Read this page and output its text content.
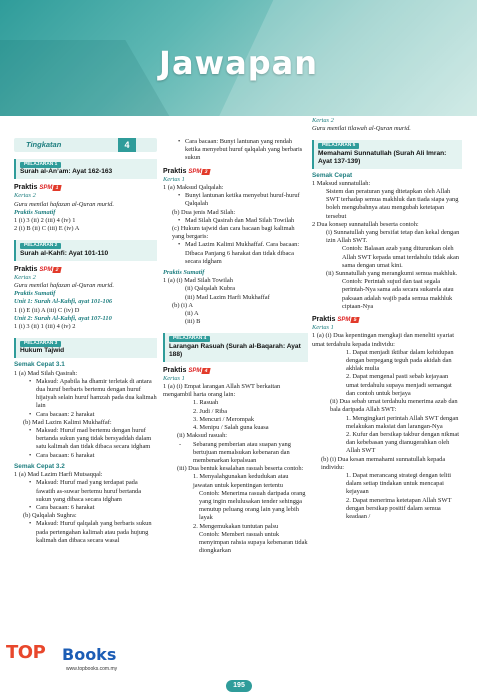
Jawapan
Tingkatan	4
PELAJARAN 1
Surah al-An’am: Ayat 162-163
Praktis SPM 1
Kertas 2
Guru menilai hafazan al-Quran murid.
Praktis Sumatif
1 (i) 3 (ii) 2 (iii) 4 (iv) 1
2 (i) B (ii) C (iii) E (iv) A
PELAJARAN 2
Surah al-Kahfi: Ayat 101-110
Praktis SPM 2
Kertas 2
Guru menilai hafazan al-Quran murid.
Praktis Sumatif
Unit 1: Surah Al-Kahfi, ayat 101-106
1 (i) E (ii) A (iii) C (iv) D
Unit 2: Surah Al-Kahfi, ayat 107-110
1 (i) 3 (ii) 1 (iii) 4 (iv) 2
PELAJARAN 3
Hukum Tajwid
Semak Cepat 3.1
1 (a) Mad Silah Qasirah:
• Maksud: Apabila ha dhamir terletak di antara dua huruf berbaris bertemu dengan huruf hijaiyah selain huruf hamzah pada dua kalimah lain
• Cara bacaan: 2 harakat
(b) Mad Lazim Kalimi Mukhaffaf:
• Maksud: Huruf mad bertemu dengan huruf bertanda sukun yang tidak bersyaddah dalam satu kalimah dan tidak dibaca secara idgham
• Cara bacaan: 6 harakat
Semak Cepat 3.2
1 (a) Mad Lazim Harfi Mutsaqqal:
• Maksud: Huruf mad yang terdapat pada fawatih as-suwar bertemu huruf bertanda sukun yang dibaca secara idgham
• Cara bacaan: 6 harakat
(b) Qalqalah Sughra:
• Maksud: Huruf qalqalah yang berbaris sukun pada pertengahan kalimah atau pada hujung kalimah dan dibaca secara wasal
• Cara bacaan: Bunyi lantunan yang rendah ketika menyebut huruf qalqalah yang berbaris sukun
Praktis SPM 3
Kertas 1
1 (a) Maksud Qalqalah:
• Bunyi lantunan ketika menyebut huruf-huruf Qalqalah
(b) Dua jenis Mad Silah:
• Mad Silah Qasirah dan Mad Silah Towilah
(c) Hukum tajwid dan cara bacaan bagi kalimah yang bergaris:
• Mad Lazim Kalimi Mukhaffaf. Cara bacaan: Dibaca Panjang 6 harakat dan tidak dibaca secara idgham
Praktis Sumatif
1 (a) (i) Mad Silah Towilah
(ii) Qalqalah Kubra
(iii) Mad Lazim Harfi Mukhaffaf
(b) (i) A
(ii) A
(iii) B
PELAJARAN 4
Larangan Rasuah (Surah al-Baqarah: Ayat 188)
Praktis SPM 4
Kertas 1
1 (a) (i) Empat larangan Allah SWT berkaitan mengambil harta orang lain:
1. Rasuah
2. Judi / Riba
3. Mencuri / Merompak
4. Menipu / Salah guna kuasa
(ii) Maksud rasuah:
- Sebarang pemberian atau suapan yang bertujuan memalsukan kebenaran dan membenarkan kepalsuan
(iii) Dua bentuk kesalahan rasuah beserta contoh:
1. Menyalahgunakan kedudukan atau jawatan untuk kepentingan tertentu
Contoh: Menerima rasuah daripada orang yang ingin melulusakan tender sehingga menutup peluang orang lain yang lebih layak
2. Mengemukakan tuntutan palsu
Contoh: Memberi rasuah untuk menyimpan rahsia supaya kebenaran tidak diongkarkan
Kertas 2
Guru menilai tilawah al-Quran murid.
PELAJARAN 5
Memahami Sunnatullah (Surah Ali Imran: Ayat 137-139)
Semak Cepat
1 Maksud sunnatullah:
- Sistem dan peraturan yang ditetapkan oleh Allah SWT terhadap semua makhluk dan tiada siapa yang boleh mengubahnya atau mengubah ketetapan tersebut
2 Dua konsep sunnatullah beserta contoh:
(i) Sunnatullah yang bersifat tetap dan kekal dengan izin Allah SWT.
Contoh: Balasan azab yang diturunkan oleh Allah SWT kepada umat terdahulu tidak akan sama dengan umat kini.
(ii) Sunnatullah yang merangkumi semua makhluk.
Contoh: Perintah sujud dan taat segala perintah-Nya sama ada secara sukarela atau paksaan adalah wajib pada semua makhluk ciptaan-Nya
Praktis SPM 5
Kertas 1
1 (a) (i) Dua kepentingan mengkaji dan meneliti syariat umat terdahulu kepada individu:
1. Dapat menjadi iktibar dalam kehidupan dengan berpegang teguh pada akidah dan akhlak mulia
2. Dapat mengenal pasti sebab kejayaan umat terdahulu supaya menjadi semangat dan contoh untuk berjaya
(ii) Dua sebab umat terdahulu menerima azab dan bala daripada Allah SWT:
1. Mengingkari perintah Allah SWT dengan melakukan maksiat dan larangan-Nya
2. Kufur dan bersikap takbur dengan nikmat dan kebebasan yang dianugerahkan oleh Allah SWT
(b) (i) Dua kesan memahami sunnatullah kepada individu:
1. Dapat merancang strategi dengan teliti dalam setiap tindakan untuk mencapai kejayaan
2. Dapat menerima ketetapan Allah SWT dengan bersikap positif dalam semua keadaan /
195
TOP Books
www.topbooks.com.my
